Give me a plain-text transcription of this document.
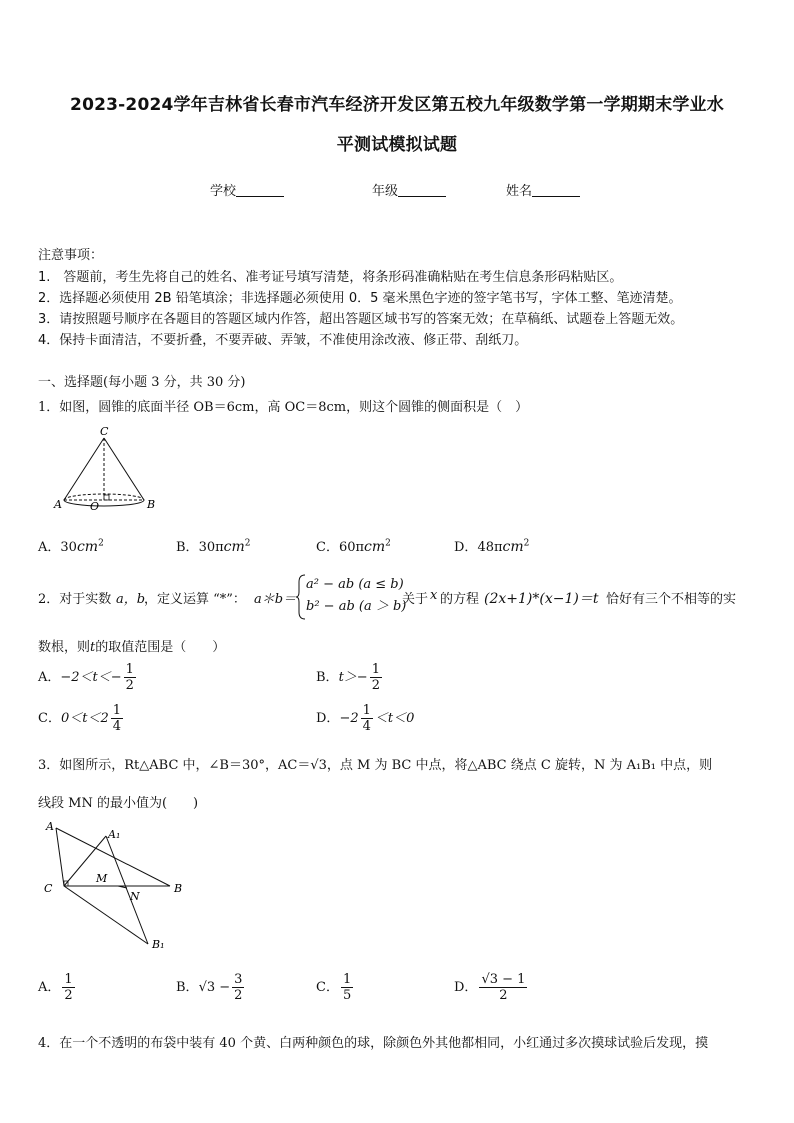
2023-2024学年吉林省长春市汽车经济开发区第五校九年级数学第一学期期末学业水
平测试模拟试题
学校	年级	姓名
注意事项：
1.　答题前，考生先将自己的姓名、准考证号填写清楚，将条形码准确粘贴在考生信息条形码粘贴区。
2．选择题必须使用 2B 铅笔填涂；非选择题必须使用 0．5 毫米黑色字迹的签字笔书写，字体工整、笔迹清楚。
3．请按照题号顺序在各题目的答题区域内作答，超出答题区域书写的答案无效；在草稿纸、试题卷上答题无效。
4．保持卡面清洁，不要折叠，不要弄破、弄皱，不准使用涂改液、修正带、刮纸刀。
一、选择题(每小题 3 分，共 30 分)
1．如图，圆锥的底面半径 OB＝6cm，高 OC＝8cm，则这个圆锥的侧面积是（　）
C
A	O	B
A．$30cm^2$	B．30πcm$^2$	C．60πcm$^2$	D．48πcm$^2$
2．对于实数 a，b
，定义运算 “*”： a＊b＝
a² − ab (a ≤ b)
b² − ab (a ＞ b)
关于 x 的方程 (2x+1)*(x−1)＝t 恰好有三个不相等的实
数根，则t的取值范围是（　　）
A．$-2<t<- \frac{1}{2}$	B．$t>- \frac{1}{2}$
C．$0<t<2 \frac{1}{4}$	D．$-2 \frac{1}{4} <t<0$
3．如图所示，Rt△ABC 中，∠B＝30°，AC＝√3，点 M 为 BC 中点，将△ABC 绕点 C 旋转，N 为 A₁B₁ 中点，则
线段 MN 的最小值为(　　)
A
A₁
C
M
B
N
B₁
A． $\frac{1}{2}$	B．$√3 - \frac{3}{2}$	C． $\frac{1}{5}$	D． $\frac{√3 - 1}{2}$
4．在一个不透明的布袋中装有 40 个黄、白两种颜色的球，除颜色外其他都相同，小红通过多次摸球试验后发现，摸
